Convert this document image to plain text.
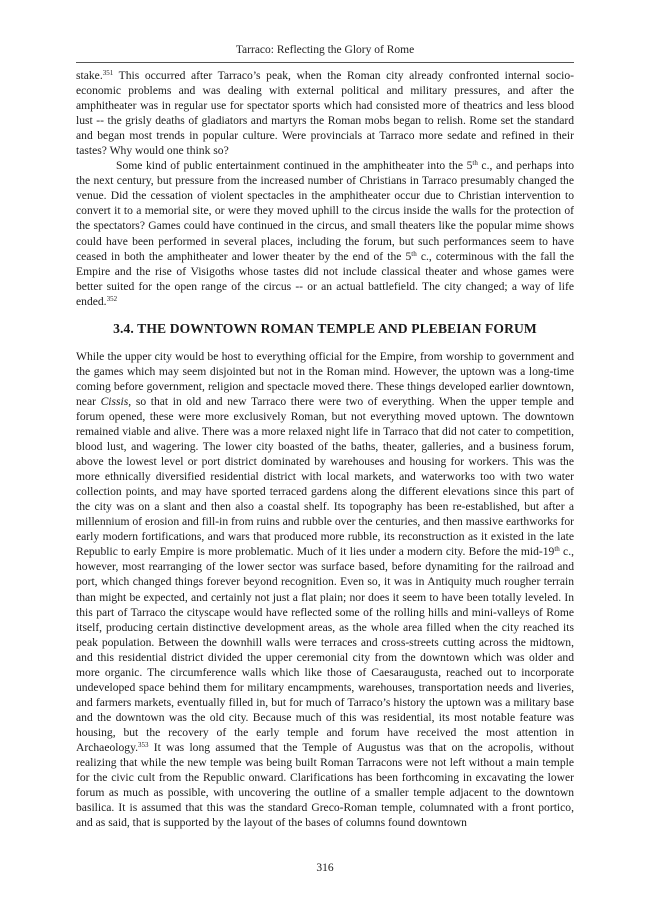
Tarraco: Reflecting the Glory of Rome

stake.$^{351}$ This occurred after Tarraco’s peak, when the Roman city already confronted internal socio-economic problems and was dealing with external political and military pressures, and after the amphitheater was in regular use for spectator sports which had consisted more of theatrics and less blood lust -- the grisly deaths of gladiators and martyrs the Roman mobs began to relish. Rome set the standard and began most trends in popular culture. Were provincials at Tarraco more sedate and refined in their tastes? Why would one think so?

Some kind of public entertainment continued in the amphitheater into the 5th c., and perhaps into the next century, but pressure from the increased number of Christians in Tarraco presumably changed the venue. Did the cessation of violent spectacles in the amphitheater occur due to Christian intervention to convert it to a memorial site, or were they moved uphill to the circus inside the walls for the protection of the spectators? Games could have continued in the circus, and small theaters like the popular mime shows could have been performed in several places, including the forum, but such performances seem to have ceased in both the amphitheater and lower theater by the end of the 5th c., coterminous with the fall the Empire and the rise of Visigoths whose tastes did not include classical theater and whose games were better suited for the open range of the circus -- or an actual battlefield. The city changed; a way of life ended.$^{352}$

3.4. THE DOWNTOWN ROMAN TEMPLE AND PLEBEIAN FORUM

While the upper city would be host to everything official for the Empire, from worship to government and the games which may seem disjointed but not in the Roman mind. However, the uptown was a long-time coming before government, religion and spectacle moved there. These things developed earlier downtown, near Cissis, so that in old and new Tarraco there were two of everything. When the upper temple and forum opened, these were more exclusively Roman, but not everything moved uptown. The downtown remained viable and alive. There was a more relaxed night life in Tarraco that did not cater to competition, blood lust, and wagering. The lower city boasted of the baths, theater, galleries, and a business forum, above the lowest level or port district dominated by warehouses and housing for workers. This was the more ethnically diversified residential district with local markets, and waterworks too with two water collection points, and may have sported terraced gardens along the different elevations since this part of the city was on a slant and then also a coastal shelf. Its topography has been re-established, but after a millennium of erosion and fill-in from ruins and rubble over the centuries, and then massive earthworks for early modern fortifications, and wars that produced more rubble, its reconstruction as it existed in the late Republic to early Empire is more problematic. Much of it lies under a modern city. Before the mid-19th c., however, most rearranging of the lower sector was surface based, before dynamiting for the railroad and port, which changed things forever beyond recognition. Even so, it was in Antiquity much rougher terrain than might be expected, and certainly not just a flat plain; nor does it seem to have been totally leveled. In this part of Tarraco the cityscape would have reflected some of the rolling hills and mini-valleys of Rome itself, producing certain distinctive development areas, as the whole area filled when the city reached its peak population. Between the downhill walls were terraces and cross-streets cutting across the midtown, and this residential district divided the upper ceremonial city from the downtown which was older and more organic. The circumference walls which like those of Caesaraugusta, reached out to incorporate undeveloped space behind them for military encampments, warehouses, transportation needs and liveries, and farmers markets, eventually filled in, but for much of Tarraco’s history the uptown was a military base and the downtown was the old city. Because much of this was residential, its most notable feature was housing, but the recovery of the early temple and forum have received the most attention in Archaeology.$^{353}$ It was long assumed that the Temple of Augustus was that on the acropolis, without realizing that while the new temple was being built Roman Tarracons were not left without a main temple for the civic cult from the Republic onward. Clarifications has been forthcoming in excavating the lower forum as much as possible, with uncovering the outline of a smaller temple adjacent to the downtown basilica. It is assumed that this was the standard Greco-Roman temple, columnated with a front portico, and as said, that is supported by the layout of the bases of columns found downtown

316
